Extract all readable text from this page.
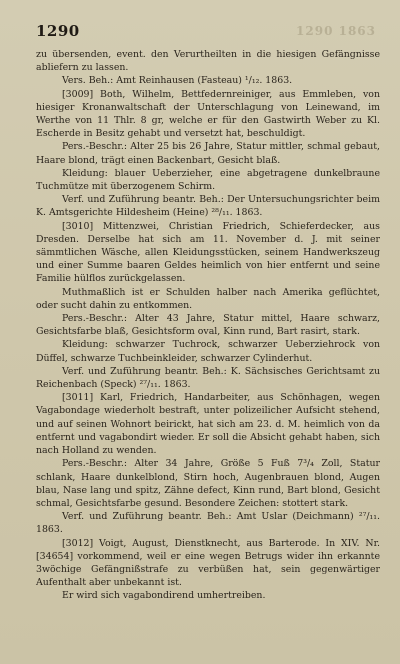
1290	1290 1863

zu übersenden, event. den Verurtheilten in die hiesigen Gefängnisse abliefern zu lassen.

Vers. Beh.: Amt Reinhausen (Fasteau) ¹/₁₂. 1863.

[3009] Both, Wilhelm, Bettfedernreiniger, aus Emmleben, von hiesiger Kronanwaltschaft der Unterschlagung von Leinewand, im Werthe von 11 Thlr. 8 gr, welche er für den Gastwirth Weber zu Kl. Escherde in Besitz gehabt und versetzt hat, beschuldigt.

Pers.-Beschr.: Alter 25 bis 26 Jahre, Statur mittler, schmal gebaut, Haare blond, trägt einen Backenbart, Gesicht blaß.

Kleidung: blauer Ueberzieher, eine abgetragene dunkelbraune Tuchmütze mit überzogenem Schirm.

Verf. und Zuführung beantr. Beh.: Der Untersuchungsrichter beim K. Amtsgerichte Hildesheim (Heine) ²⁸/₁₁. 1863.

[3010] Mittenzwei, Christian Friedrich, Schieferdecker, aus Dresden. Derselbe hat sich am 11. November d. J. mit seiner sämmtlichen Wäsche, allen Kleidungsstücken, seinem Handwerkszeug und einer Summe baaren Geldes heimlich von hier entfernt und seine Familie hülflos zurückgelassen.

Muthmaßlich ist er Schulden halber nach Amerika geflüchtet, oder sucht dahin zu entkommen.

Pers.-Beschr.: Alter 43 Jahre, Statur mittel, Haare schwarz, Gesichtsfarbe blaß, Gesichtsform oval, Kinn rund, Bart rasirt, stark.

Kleidung: schwarzer Tuchrock, schwarzer Ueberziehrock von Düffel, schwarze Tuchbeinkleider, schwarzer Cylinderhut.

Verf. und Zuführung beantr. Beh.: K. Sächsisches Gerichtsamt zu Reichenbach (Speck) ²⁷/₁₁. 1863.

[3011] Karl, Friedrich, Handarbeiter, aus Schönhagen, wegen Vagabondage wiederholt bestraft, unter polizeilicher Aufsicht stehend, und auf seinen Wohnort beirickt, hat sich am 23. d. M. heimlich von da entfernt und vagabondirt wieder. Er soll die Absicht gehabt haben, sich nach Holland zu wenden.

Pers.-Beschr.: Alter 34 Jahre, Größe 5 Fuß 7³/₄ Zoll, Statur schlank, Haare dunkelblond, Stirn hoch, Augenbrauen blond, Augen blau, Nase lang und spitz, Zähne defect, Kinn rund, Bart blond, Gesicht schmal, Gesichtsfarbe gesund. Besondere Zeichen: stottert stark.

Verf. und Zuführung beantr. Beh.: Amt Uslar (Deichmann) ²⁷/₁₁. 1863.

[3012] Voigt, August, Dienstknecht, aus Barterode. In XIV. Nr. [34654] vorkommend, weil er eine wegen Betrugs wider ihn erkannte 3wöchige Gefängnißstrafe zu verbüßen hat, sein gegenwärtiger Aufenthalt aber unbekannt ist.

Er wird sich vagabondirend umhertreiben.
